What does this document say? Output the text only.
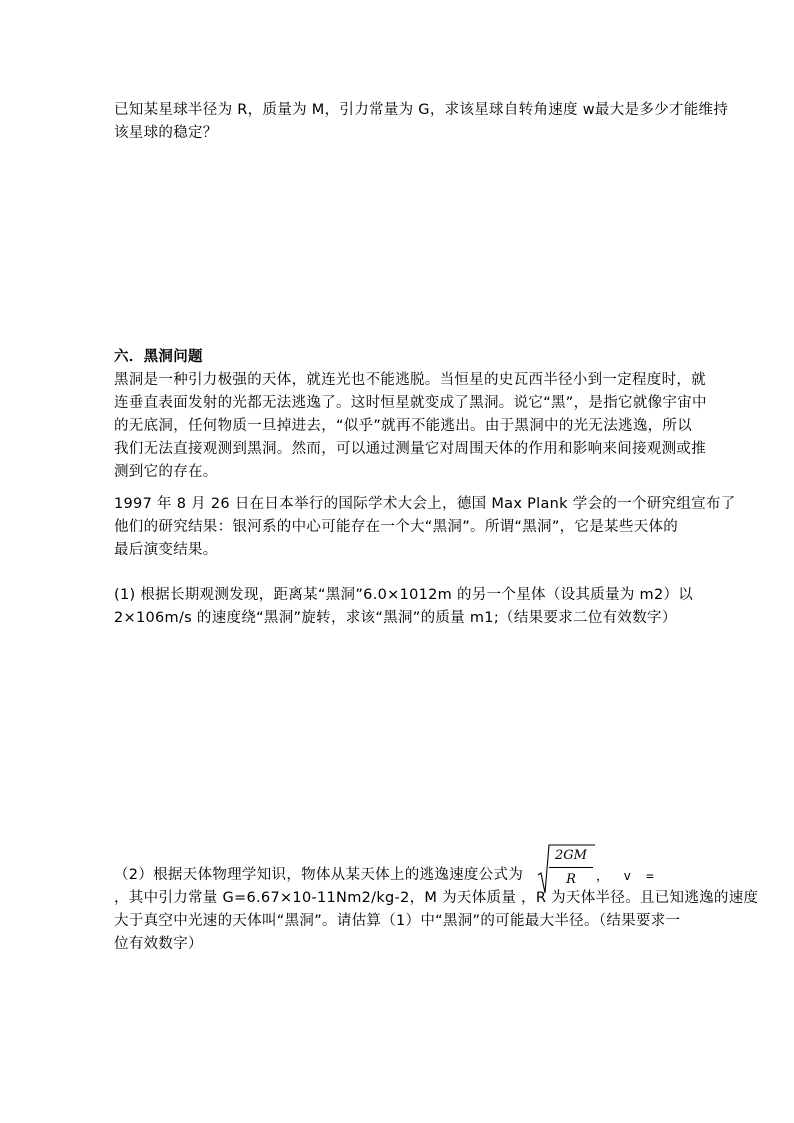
已知某星球半径为 R，质量为 M，引力常量为 G，求该星球自转角速度 w最大是多少才能维持
该星球的稳定？
六．黑洞问题
黑洞是一种引力极强的天体，就连光也不能逃脱。当恒星的史瓦西半径小到一定程度时，就
连垂直表面发射的光都无法逃逸了。这时恒星就变成了黑洞。说它“黑”，是指它就像宇宙中
的无底洞，任何物质一旦掉进去，“似乎”就再不能逃出。由于黑洞中的光无法逃逸，所以
我们无法直接观测到黑洞。然而，可以通过测量它对周围天体的作用和影响来间接观测或推
测到它的存在。
1997 年 8 月 26 日在日本举行的国际学术大会上，德国 Max Plank 学会的一个研究组宣布了
他们的研究结果：银河系的中心可能存在一个大“黑洞”。所谓“黑洞”，它是某些天体的
最后演变结果。
(1) 根据长期观测发现，距离某“黑洞”6.0×1012m 的另一个星体（设其质量为 m2）以
2×106m/s 的速度绕“黑洞”旋转，求该“黑洞”的质量 m1;（结果要求二位有效数字）
（2）根据天体物理学知识，物体从某天体上的逃逸速度公式为
，其中引力常量 G=6.67×10-11Nm2/kg-2，M 为天体质量 ，R 为天体半径。且已知逃逸的速度
大于真空中光速的天体叫“黑洞”。请估算（1）中“黑洞”的可能最大半径。（结果要求一
位有效数字）
$\frac{2GM}{R}$ ，  v  =
